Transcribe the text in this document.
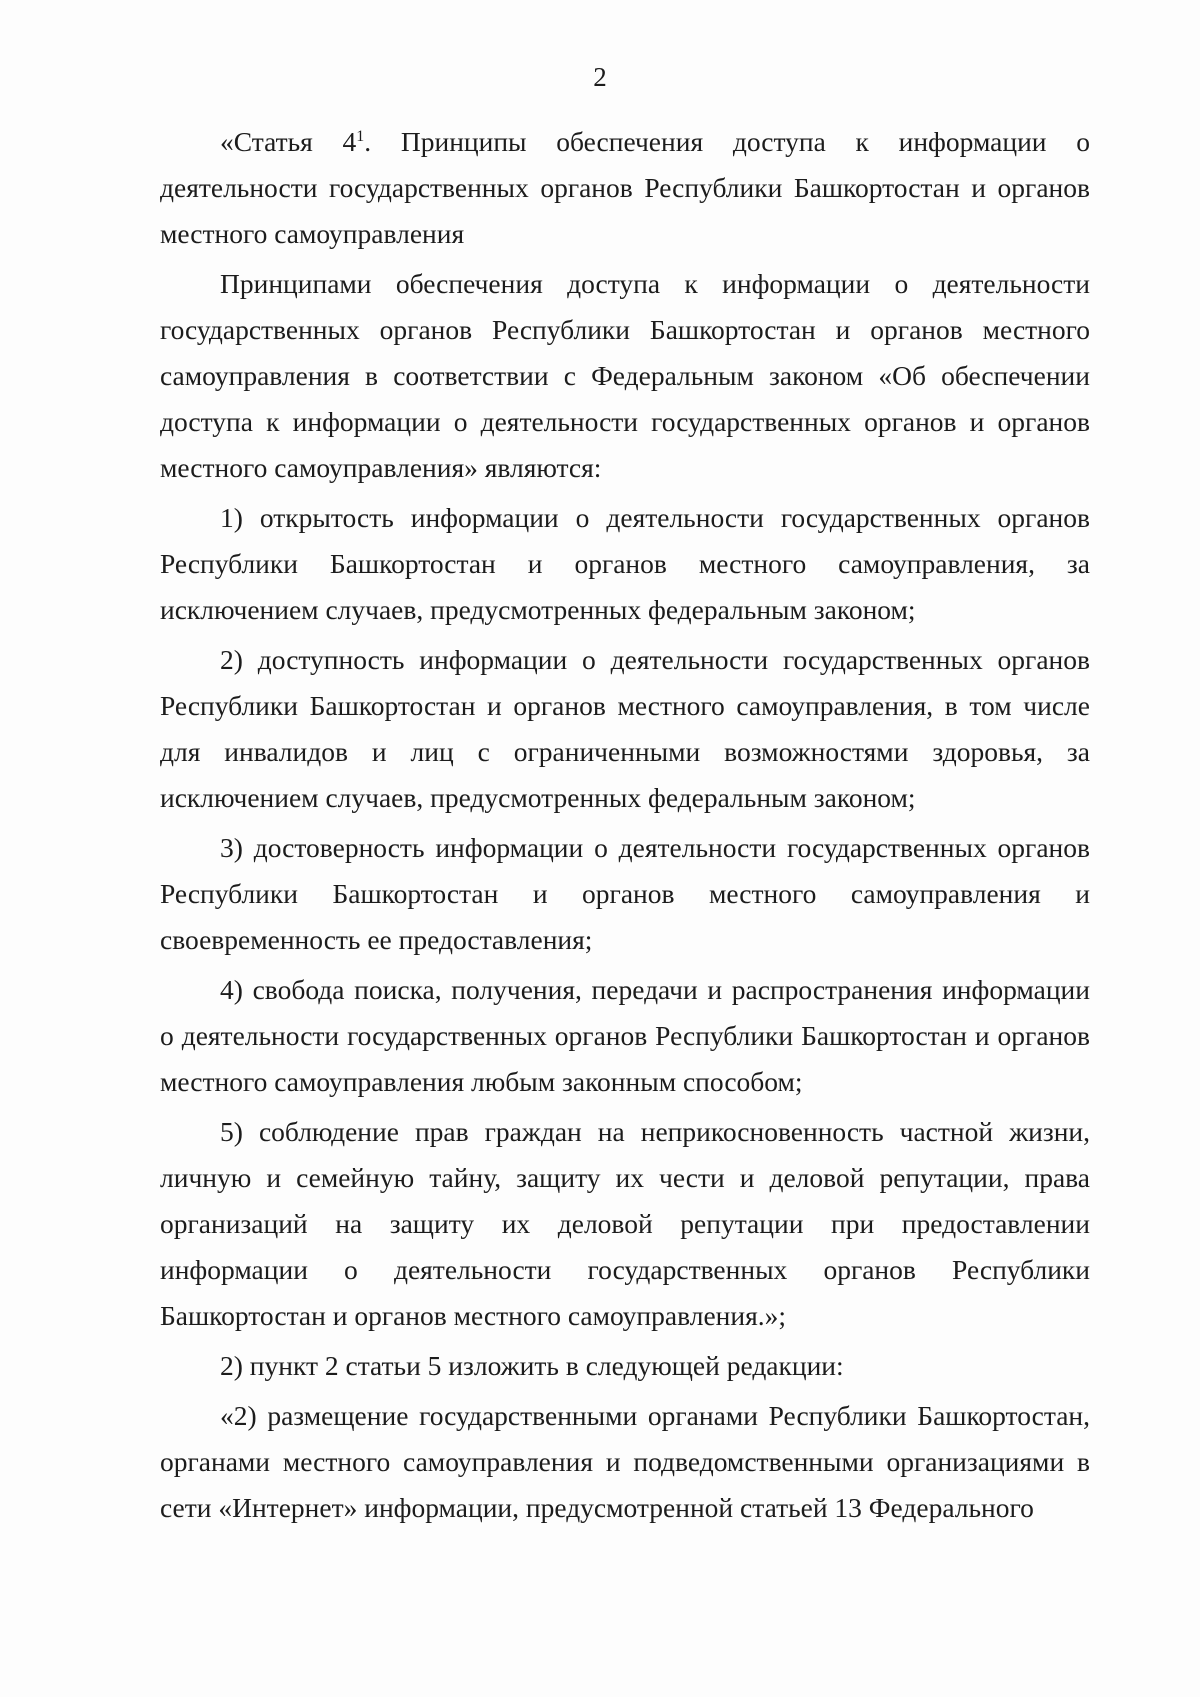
2

«Статья $4^1$. Принципы обеспечения доступа к информации о деятельности государственных органов Республики Башкортостан и органов местного самоуправления

Принципами обеспечения доступа к информации о деятельности государственных органов Республики Башкортостан и органов местного самоуправления в соответствии с Федеральным законом «Об обеспечении доступа к информации о деятельности государственных органов и органов местного самоуправления» являются:

1) открытость информации о деятельности государственных органов Республики Башкортостан и органов местного самоуправления, за исключением случаев, предусмотренных федеральным законом;

2) доступность информации о деятельности государственных органов Республики Башкортостан и органов местного самоуправления, в том числе для инвалидов и лиц с ограниченными возможностями здоровья, за исключением случаев, предусмотренных федеральным законом;

3) достоверность информации о деятельности государственных органов Республики Башкортостан и органов местного самоуправления и своевременность ее предоставления;

4) свобода поиска, получения, передачи и распространения информации о деятельности государственных органов Республики Башкортостан и органов местного самоуправления любым законным способом;

5) соблюдение прав граждан на неприкосновенность частной жизни, личную и семейную тайну, защиту их чести и деловой репутации, права организаций на защиту их деловой репутации при предоставлении информации о деятельности государственных органов Республики Башкортостан и органов местного самоуправления.»;

2) пункт 2 статьи 5 изложить в следующей редакции:

«2) размещение государственными органами Республики Башкортостан, органами местного самоуправления и подведомственными организациями в сети «Интернет» информации, предусмотренной статьей 13 Федерального
